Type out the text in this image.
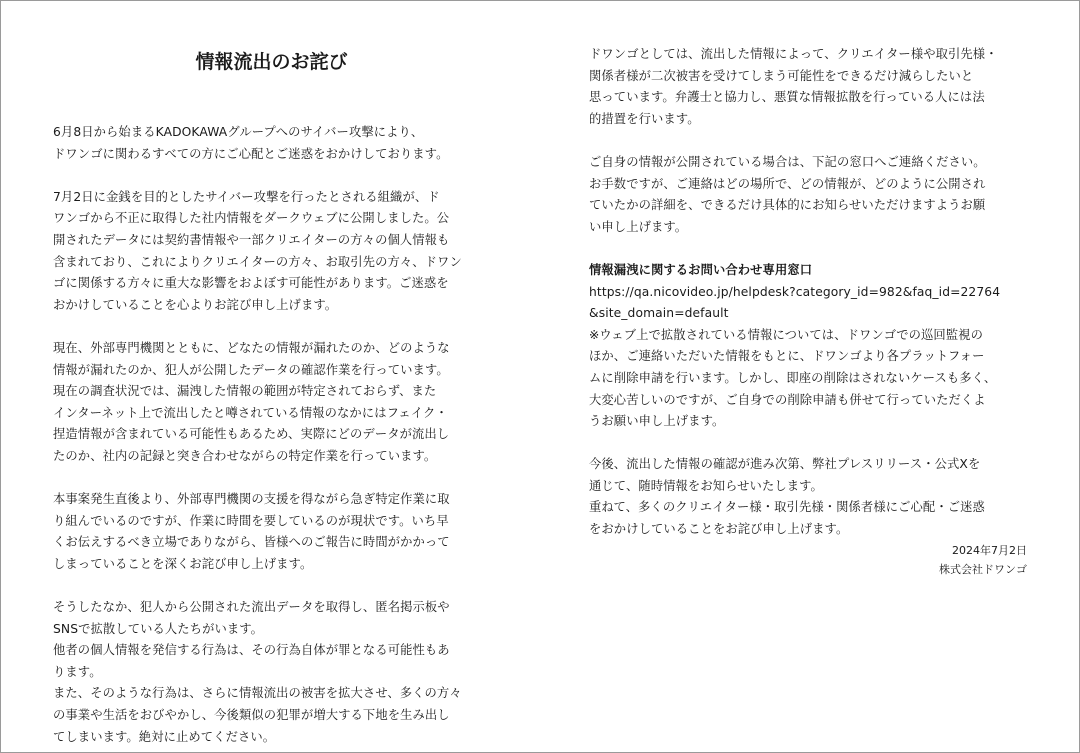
情報流出のお詫び

6月8日から始まるKADOKAWAグループへのサイバー攻撃により、
ドワンゴに関わるすべての方にご心配とご迷惑をおかけしております。

7月2日に金銭を目的としたサイバー攻撃を行ったとされる組織が、ド
ワンゴから不正に取得した社内情報をダークウェブに公開しました。公
開されたデータには契約書情報や一部クリエイターの方々の個人情報も
含まれており、これによりクリエイターの方々、お取引先の方々、ドワン
ゴに関係する方々に重大な影響をおよぼす可能性があります。ご迷惑を
おかけしていることを心よりお詫び申し上げます。

現在、外部専門機関とともに、どなたの情報が漏れたのか、どのような
情報が漏れたのか、犯人が公開したデータの確認作業を行っています。
現在の調査状況では、漏洩した情報の範囲が特定されておらず、また
インターネット上で流出したと噂されている情報のなかにはフェイク・
捏造情報が含まれている可能性もあるため、実際にどのデータが流出し
たのか、社内の記録と突き合わせながらの特定作業を行っています。

本事案発生直後より、外部専門機関の支援を得ながら急ぎ特定作業に取
り組んでいるのですが、作業に時間を要しているのが現状です。いち早
くお伝えするべき立場でありながら、皆様へのご報告に時間がかかって
しまっていることを深くお詫び申し上げます。

そうしたなか、犯人から公開された流出データを取得し、匿名掲示板や
SNSで拡散している人たちがいます。
他者の個人情報を発信する行為は、その行為自体が罪となる可能性もあ
ります。
また、そのような行為は、さらに情報流出の被害を拡大させ、多くの方々
の事業や生活をおびやかし、今後類似の犯罪が増大する下地を生み出し
てしまいます。絶対に止めてください。

ドワンゴとしては、流出した情報によって、クリエイター様や取引先様・
関係者様が二次被害を受けてしまう可能性をできるだけ減らしたいと
思っています。弁護士と協力し、悪質な情報拡散を行っている人には法
的措置を行います。

ご自身の情報が公開されている場合は、下記の窓口へご連絡ください。
お手数ですが、ご連絡はどの場所で、どの情報が、どのように公開され
ていたかの詳細を、できるだけ具体的にお知らせいただけますようお願
い申し上げます。

情報漏洩に関するお問い合わせ専用窓口

https://qa.nicovideo.jp/helpdesk?category_id=982&faq_id=22764
&site_domain=default

※ウェブ上で拡散されている情報については、ドワンゴでの巡回監視の
ほか、ご連絡いただいた情報をもとに、ドワンゴより各プラットフォー
ムに削除申請を行います。しかし、即座の削除はされないケースも多く、
大変心苦しいのですが、ご自身での削除申請も併せて行っていただくよ
うお願い申し上げます。

今後、流出した情報の確認が進み次第、弊社プレスリリース・公式Xを
通じて、随時情報をお知らせいたします。
重ねて、多くのクリエイター様・取引先様・関係者様にご心配・ご迷惑
をおかけしていることをお詫び申し上げます。

2024年7月2日
株式会社ドワンゴ
